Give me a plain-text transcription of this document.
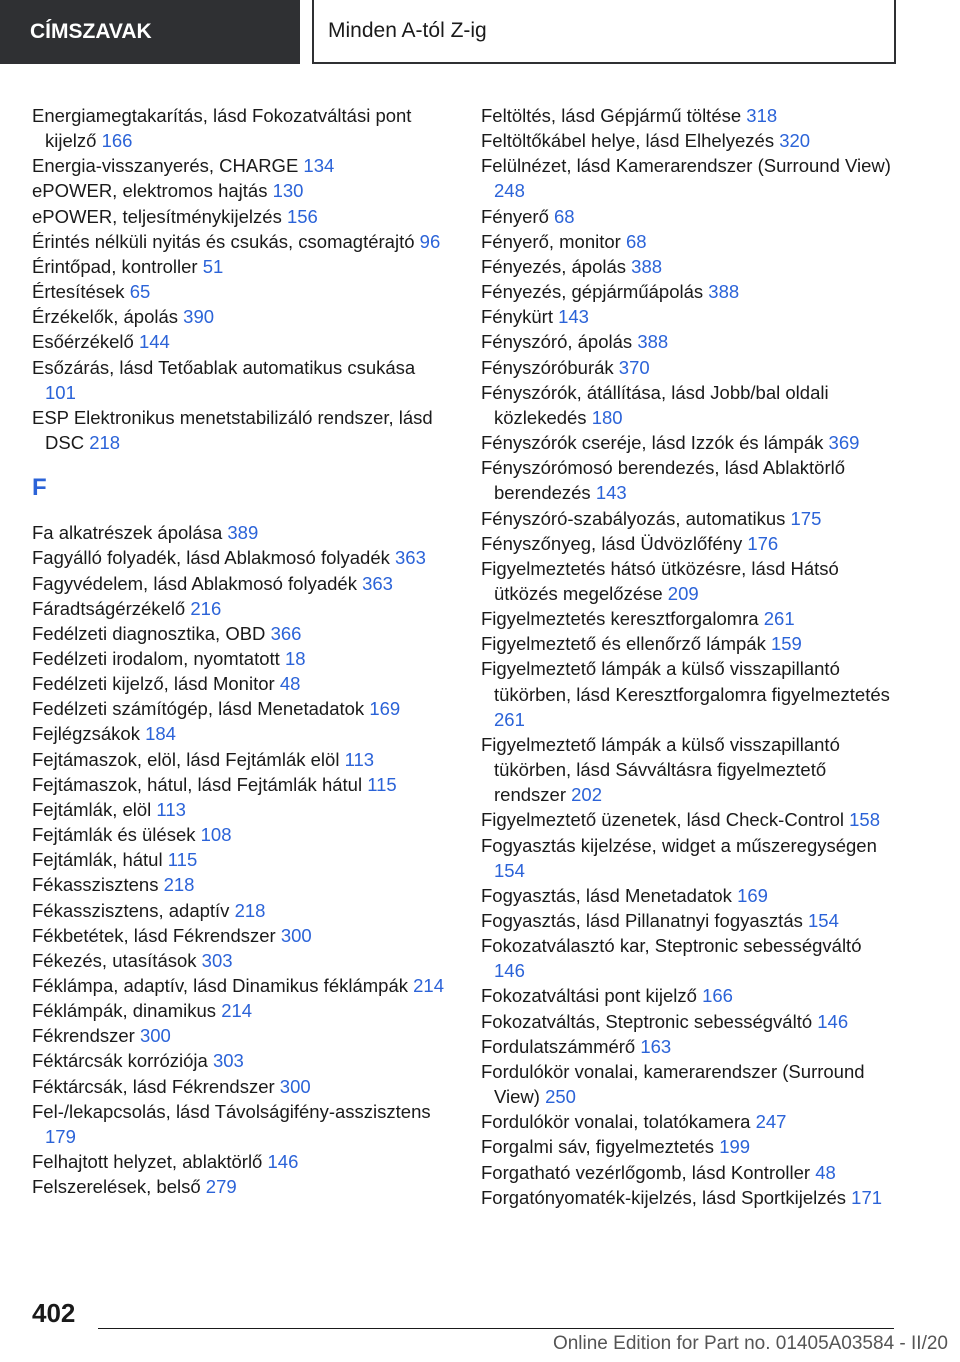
CÍMSZAVAK	Minden A-tól Z-ig
Energiamegtakarítás, lásd Fokozatváltási pont kijelző 166
Energia-visszanyerés, CHARGE 134
ePOWER, elektromos hajtás 130
ePOWER, teljesítménykijelzés 156
Érintés nélküli nyitás és csukás, csomagtérajtó 96
Érintőpad, kontroller 51
Értesítések 65
Érzékelők, ápolás 390
Esőérzékelő 144
Esőzárás, lásd Tetőablak automatikus csukása 101
ESP Elektronikus menetstabilizáló rendszer, lásd DSC 218
F
Fa alkatrészek ápolása 389
Fagyálló folyadék, lásd Ablakmosó folyadék 363
Fagyvédelem, lásd Ablakmosó folyadék 363
Fáradtságérzékelő 216
Fedélzeti diagnosztika, OBD 366
Fedélzeti irodalom, nyomtatott 18
Fedélzeti kijelző, lásd Monitor 48
Fedélzeti számítógép, lásd Menetadatok 169
Fejlégzsákok 184
Fejtámaszok, elöl, lásd Fejtámlák elöl 113
Fejtámaszok, hátul, lásd Fejtámlák hátul 115
Fejtámlák, elöl 113
Fejtámlák és ülések 108
Fejtámlák, hátul 115
Fékasszisztens 218
Fékasszisztens, adaptív 218
Fékbetétek, lásd Fékrendszer 300
Fékezés, utasítások 303
Féklámpa, adaptív, lásd Dinamikus féklámpák 214
Féklámpák, dinamikus 214
Fékrendszer 300
Féktárcsák korróziója 303
Féktárcsák, lásd Fékrendszer 300
Fel-/lekapcsolás, lásd Távolságifény-asszisztens 179
Felhajtott helyzet, ablaktörlő 146
Felszerelések, belső 279
Feltöltés, lásd Gépjármű töltése 318
Feltöltőkábel helye, lásd Elhelyezés 320
Felülnézet, lásd Kamerarendszer (Surround View) 248
Fényerő 68
Fényerő, monitor 68
Fényezés, ápolás 388
Fényezés, gépjárműápolás 388
Fénykürt 143
Fényszóró, ápolás 388
Fényszóróburák 370
Fényszórók, átállítása, lásd Jobb/bal oldali közlekedés 180
Fényszórók cseréje, lásd Izzók és lámpák 369
Fényszórómosó berendezés, lásd Ablaktörlő berendezés 143
Fényszóró-szabályozás, automatikus 175
Fényszőnyeg, lásd Üdvözlőfény 176
Figyelmeztetés hátsó ütközésre, lásd Hátsó ütközés megelőzése 209
Figyelmeztetés keresztforgalomra 261
Figyelmeztető és ellenőrző lámpák 159
Figyelmeztető lámpák a külső visszapillantó tükörben, lásd Keresztforgalomra figyelmeztetés 261
Figyelmeztető lámpák a külső visszapillantó tükörben, lásd Sávváltásra figyelmeztető rendszer 202
Figyelmeztető üzenetek, lásd Check-Control 158
Fogyasztás kijelzése, widget a műszeregységen 154
Fogyasztás, lásd Menetadatok 169
Fogyasztás, lásd Pillanatnyi fogyasztás 154
Fokozatválasztó kar, Steptronic sebességváltó 146
Fokozatváltási pont kijelző 166
Fokozatváltás, Steptronic sebességváltó 146
Fordulatszámmérő 163
Fordulókör vonalai, kamerarendszer (Surround View) 250
Fordulókör vonalai, tolatókamera 247
Forgalmi sáv, figyelmeztetés 199
Forgatható vezérlőgomb, lásd Kontroller 48
Forgatónyomaték-kijelzés, lásd Sportkijelzés 171
402
Online Edition for Part no. 01405A03584 - II/20
